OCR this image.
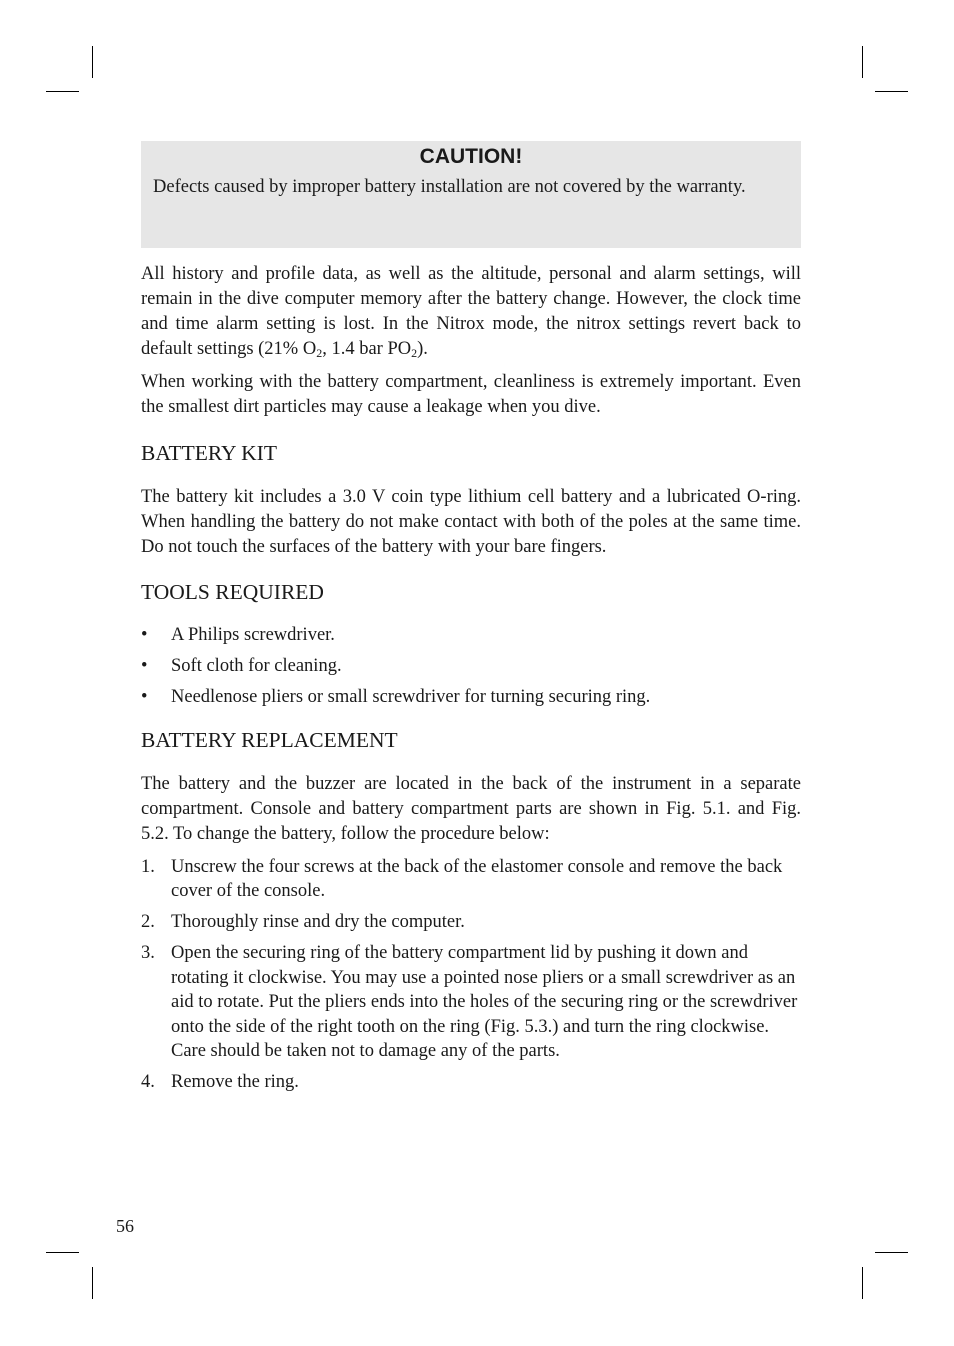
CAUTION!

Defects caused by improper battery installation are not covered by the warranty.

All history and profile data, as well as the altitude, personal and alarm settings, will remain in the dive computer memory after the battery change. However, the clock time and time alarm setting is lost. In the Nitrox mode, the nitrox settings revert back to default settings (21% $O_2$, 1.4 bar $PO_2$).

When working with the battery compartment, cleanliness is extremely important. Even the smallest dirt particles may cause a leakage when you dive.

BATTERY KIT

The battery kit includes a 3.0 V coin type lithium cell battery and a lubricated O-ring. When handling the battery do not make contact with both of the poles at the same time. Do not touch the surfaces of the battery with your bare fingers.

TOOLS REQUIRED
• A Philips screwdriver.
• Soft cloth for cleaning.
• Needlenose pliers or small screwdriver for turning securing ring.
BATTERY REPLACEMENT

The battery and the buzzer are located in the back of the instrument in a separate compartment. Console and battery compartment parts are shown in Fig. 5.1. and Fig. 5.2. To change the battery, follow the procedure below:

1. Unscrew the four screws at the back of the elastomer console and remove the back cover of the console.
2. Thoroughly rinse and dry the computer.
3. Open the securing ring of the battery compartment lid by pushing it down and rotating it clockwise. You may use a pointed nose pliers or a small screwdriver as an aid to rotate. Put the pliers ends into the holes of the securing ring or the screwdriver onto the side of the right tooth on the ring (Fig. 5.3.) and turn the ring clockwise. Care should be taken not to damage any of the parts.
4. Remove the ring.
56
